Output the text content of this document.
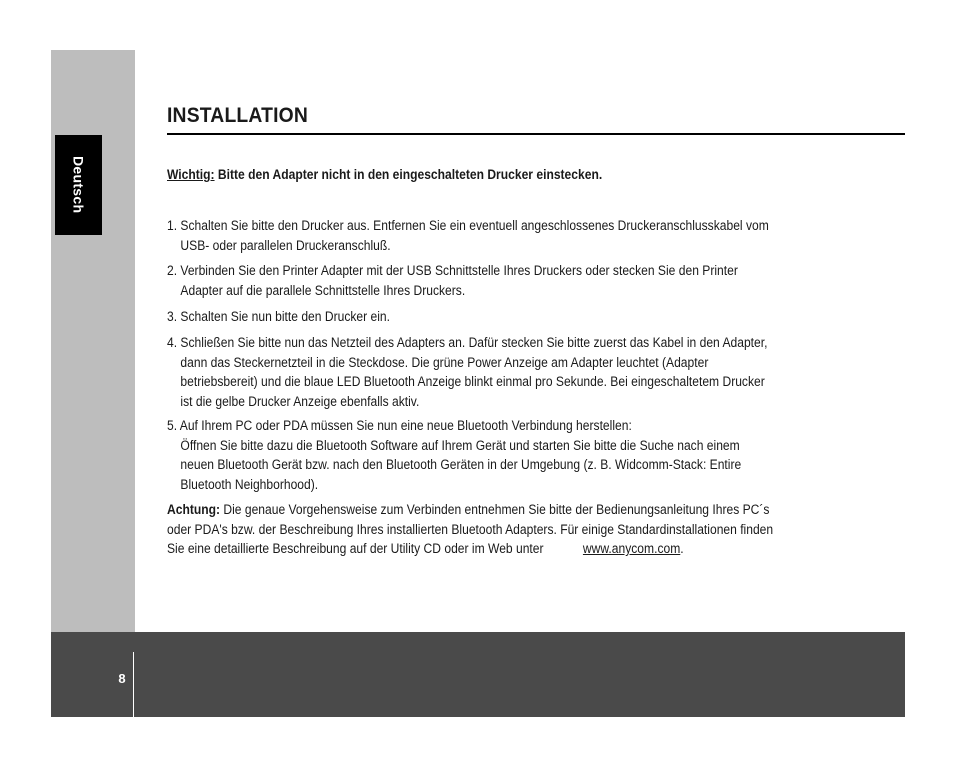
Deutsch
INSTALLATION

Wichtig: Bitte den Adapter nicht in den eingeschalteten Drucker einstecken.

1. Schalten Sie bitte den Drucker aus. Entfernen Sie ein eventuell angeschlossenes Druckeranschlusskabel vom USB- oder parallelen Druckeranschluß.

2. Verbinden Sie den Printer Adapter mit der USB Schnittstelle Ihres Druckers oder stecken Sie den Printer Adapter auf die parallele Schnittstelle Ihres Druckers.

3. Schalten Sie nun bitte den Drucker ein.

4. Schließen Sie bitte nun das Netzteil des Adapters an. Dafür stecken Sie bitte zuerst das Kabel in den Adapter, dann das Steckernetzteil in die Steckdose. Die grüne Power Anzeige am Adapter leuchtet (Adapter betriebsbereit) und die blaue LED Bluetooth Anzeige blinkt einmal pro Sekunde. Bei eingeschaltetem Drucker ist die gelbe Drucker Anzeige ebenfalls aktiv.

5. Auf Ihrem PC oder PDA müssen Sie nun eine neue Bluetooth Verbindung herstellen:

Öffnen Sie bitte dazu die Bluetooth Software auf Ihrem Gerät und starten Sie bitte die Suche nach einem neuen Bluetooth Gerät bzw. nach den Bluetooth Geräten in der Umgebung (z. B. Widcomm-Stack: Entire Bluetooth Neighborhood).

Achtung: Die genaue Vorgehensweise zum Verbinden entnehmen Sie bitte der Bedienungsanleitung Ihres PC´s oder PDA's bzw. der Beschreibung Ihres installierten Bluetooth Adapters. Für einige Standardinstallationen finden Sie eine detaillierte Beschreibung auf der Utility CD oder im Web unter	www.anycom.com.

8
